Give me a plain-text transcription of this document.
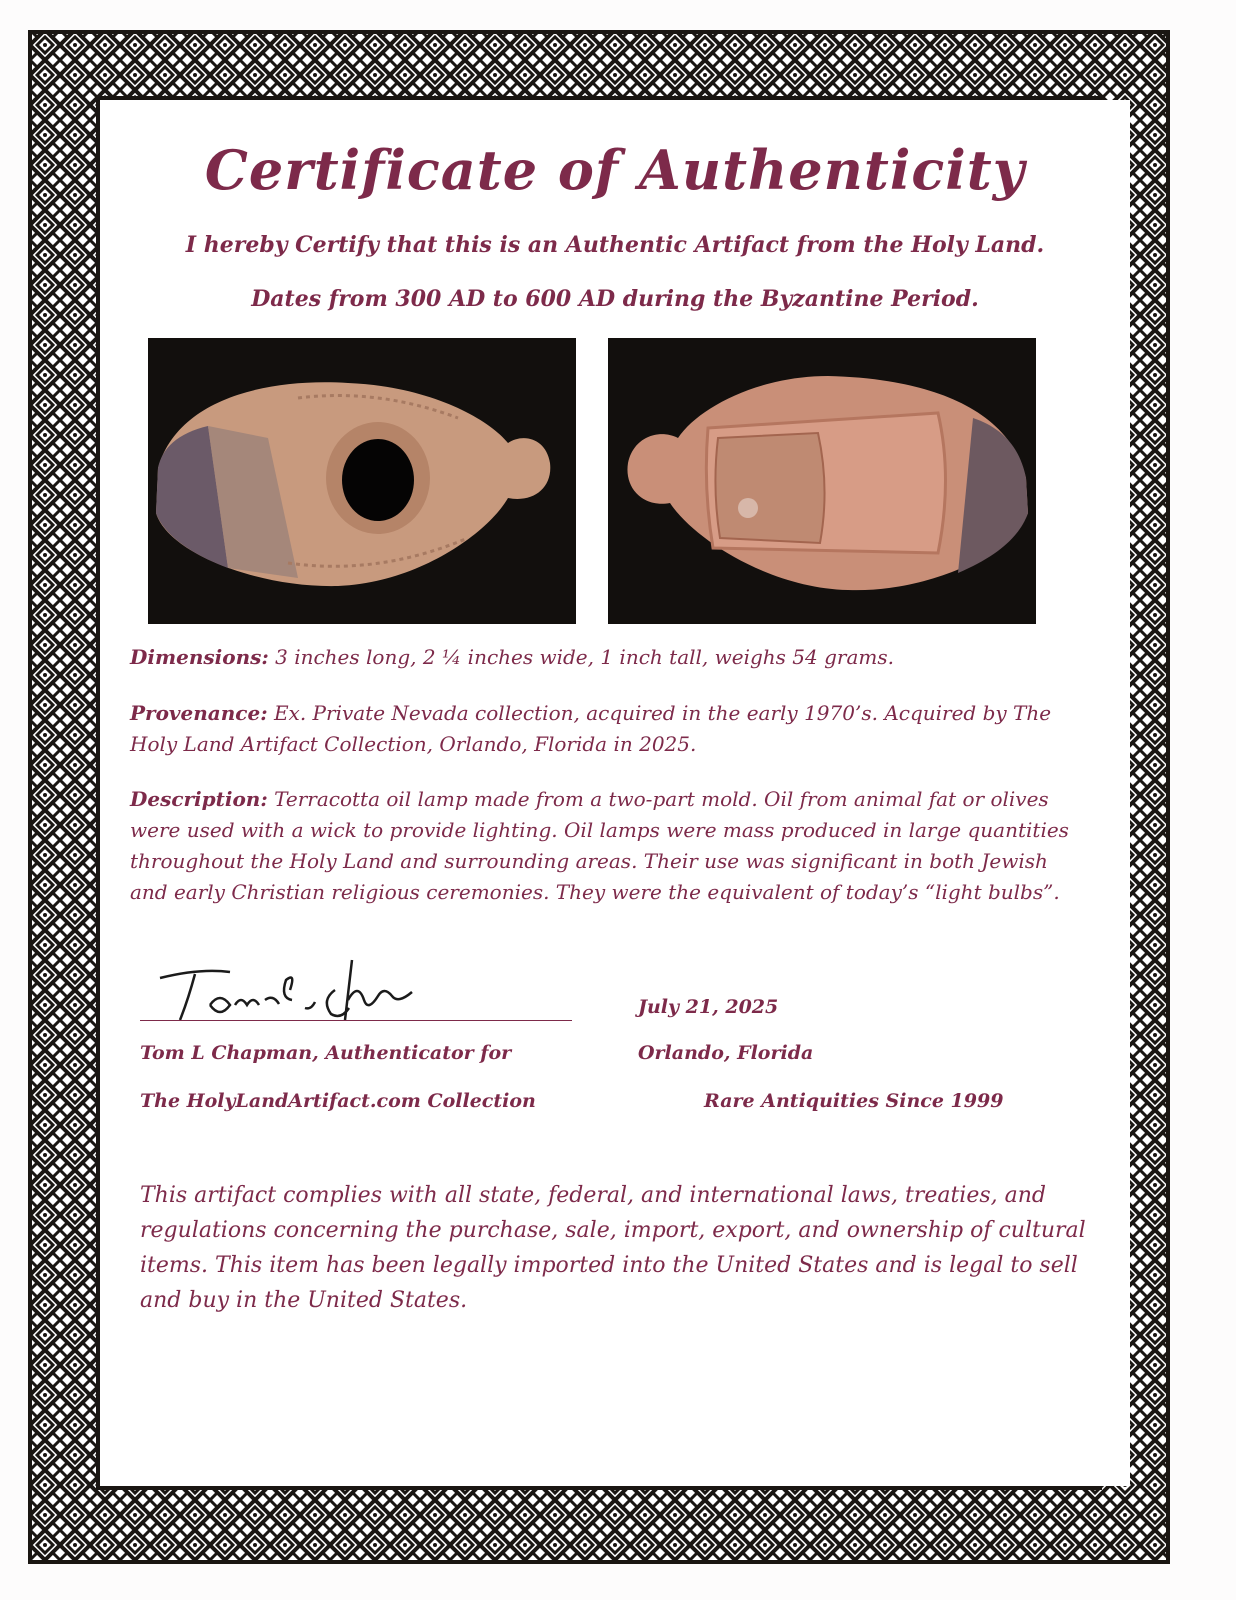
Certificate of Authenticity
I hereby Certify that this is an Authentic Artifact from the Holy Land.
Dates from 300 AD to 600 AD during the Byzantine Period.
Dimensions: 3 inches long, 2 ¼ inches wide, 1 inch tall, weighs 54 grams.
Provenance: Ex. Private Nevada collection, acquired in the early 1970’s. Acquired by The Holy Land Artifact Collection, Orlando, Florida in 2025.
Description: Terracotta oil lamp made from a two-part mold. Oil from animal fat or olives were used with a wick to provide lighting. Oil lamps were mass produced in large quantities throughout the Holy Land and surrounding areas. Their use was significant in both Jewish and early Christian religious ceremonies. They were the equivalent of today’s “light bulbs”.
Tom L Chapman, Authenticator for
The HolyLandArtifact.com Collection
July 21, 2025
Orlando, Florida
Rare Antiquities Since 1999
This artifact complies with all state, federal, and international laws, treaties, and regulations concerning the purchase, sale, import, export, and ownership of cultural items. This item has been legally imported into the United States and is legal to sell and buy in the United States.
